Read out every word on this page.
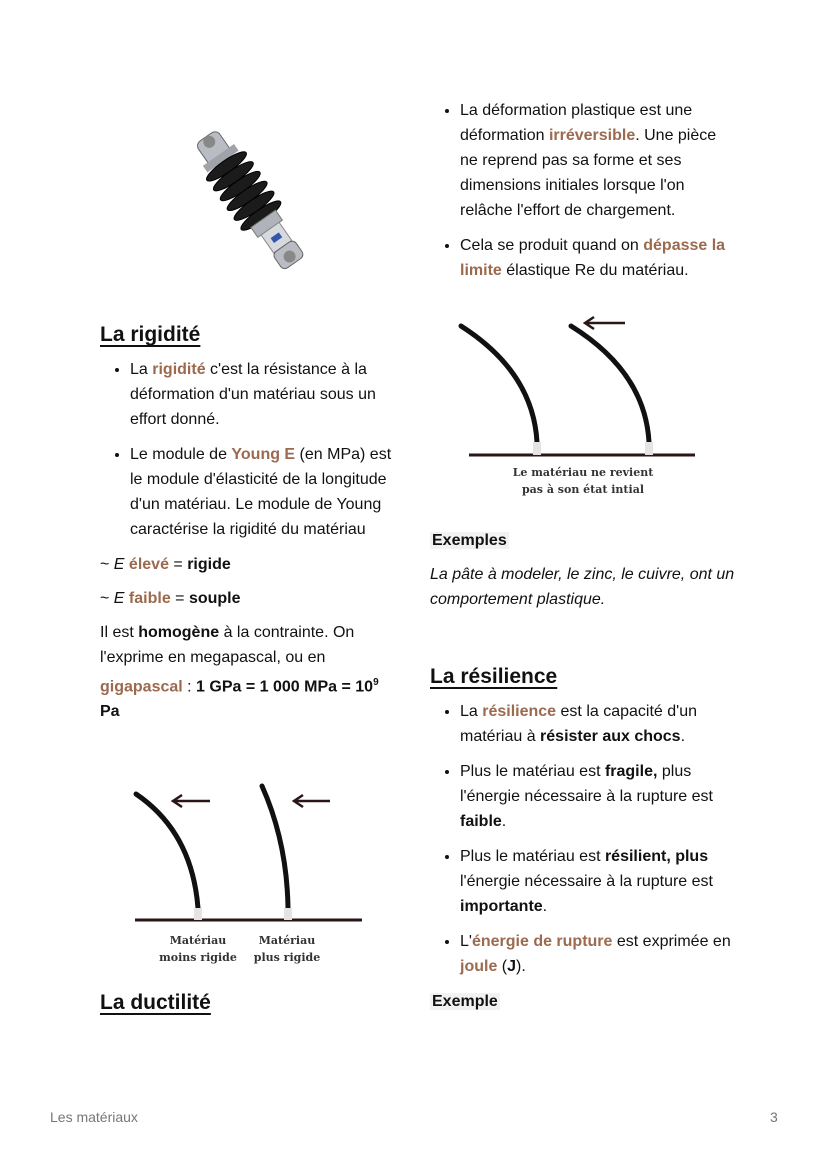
La rigidité
• La rigidité c'est la résistance à la déformation d'un matériau sous un effort donné.
• Le module de Young E (en MPa) est le module d'élasticité de la longitude d'un matériau. Le module de Young caractérise la rigidité du matériau

~ E élevé = rigide

~ E faible = souple

Il est homogène à la contrainte. On l'exprime en megapascal, ou en gigapascal : 1 GPa = 1 000 MPa = $10^9$
Pa

Matériau
moins rigide
Matériau
plus rigide
La ductilité
• La déformation plastique est une déformation irréversible. Une pièce ne reprend pas sa forme et ses dimensions initiales lorsque l'on relâche l'effort de chargement.
• Cela se produit quand on dépasse la limite élastique Re du matériau.
Le matériau ne revient
pas à son état intial
Exemples

La pâte à modeler, le zinc, le cuivre, ont un comportement plastique.

La résilience
• La résilience est la capacité d'un matériau à résister aux chocs.
• Plus le matériau est fragile, plus l'énergie nécessaire à la rupture est faible.
• Plus le matériau est résilient, plus l'énergie nécessaire à la rupture est importante.
• L'énergie de rupture est exprimée en joule (J).
Exemple
Les matériaux	3
